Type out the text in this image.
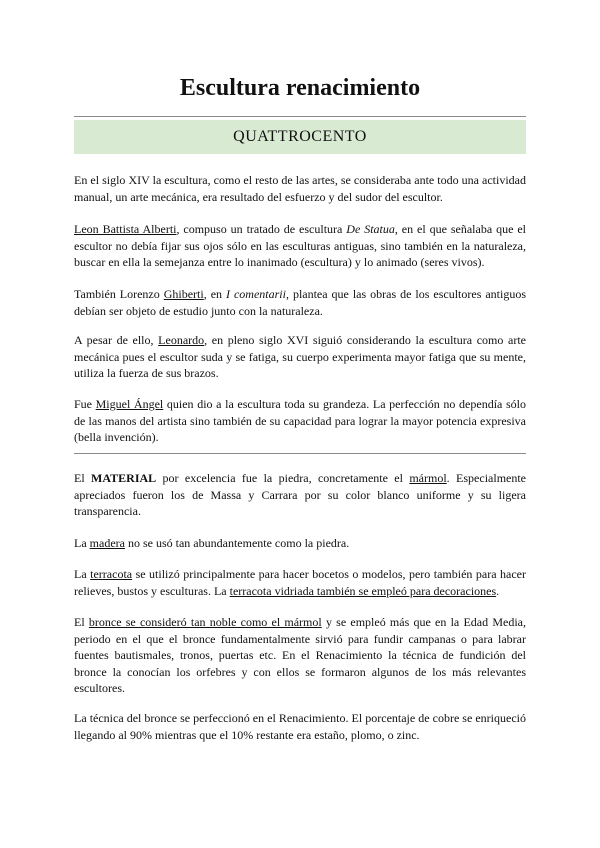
Escultura renacimiento
QUATTROCENTO

En el siglo XIV la escultura, como el resto de las artes, se consideraba ante todo una actividad manual, un arte mecánica, era resultado del esfuerzo y del sudor del escultor.

Leon Battista Alberti, compuso un tratado de escultura De Statua, en el que señalaba que el escultor no debía fijar sus ojos sólo en las esculturas antiguas, sino también en la naturaleza, buscar en ella la semejanza entre lo inanimado (escultura) y lo animado (seres vivos).

También Lorenzo Ghiberti, en I comentarii, plantea que las obras de los escultores antiguos debían ser objeto de estudio junto con la naturaleza.

A pesar de ello, Leonardo, en pleno siglo XVI siguió considerando la escultura como arte mecánica pues el escultor suda y se fatiga, su cuerpo experimenta mayor fatiga que su mente, utiliza la fuerza de sus brazos.

Fue Miguel Ángel quien dio a la escultura toda su grandeza. La perfección no dependía sólo de las manos del artista sino también de su capacidad para lograr la mayor potencia expresiva (bella invención).

El MATERIAL por excelencia fue la piedra, concretamente el mármol. Especialmente apreciados fueron los de Massa y Carrara por su color blanco uniforme y su ligera transparencia.

La madera no se usó tan abundantemente como la piedra.

La terracota se utilizó principalmente para hacer bocetos o modelos, pero también para hacer relieves, bustos y esculturas. La terracota vidriada también se empleó para decoraciones.

El bronce se consideró tan noble como el mármol y se empleó más que en la Edad Media, periodo en el que el bronce fundamentalmente sirvió para fundir campanas o para labrar fuentes bautismales, tronos, puertas etc. En el Renacimiento la técnica de fundición del bronce la conocían los orfebres y con ellos se formaron algunos de los más relevantes escultores.

La técnica del bronce se perfeccionó en el Renacimiento. El porcentaje de cobre se enriqueció llegando al 90% mientras que el 10% restante era estaño, plomo, o zinc.
